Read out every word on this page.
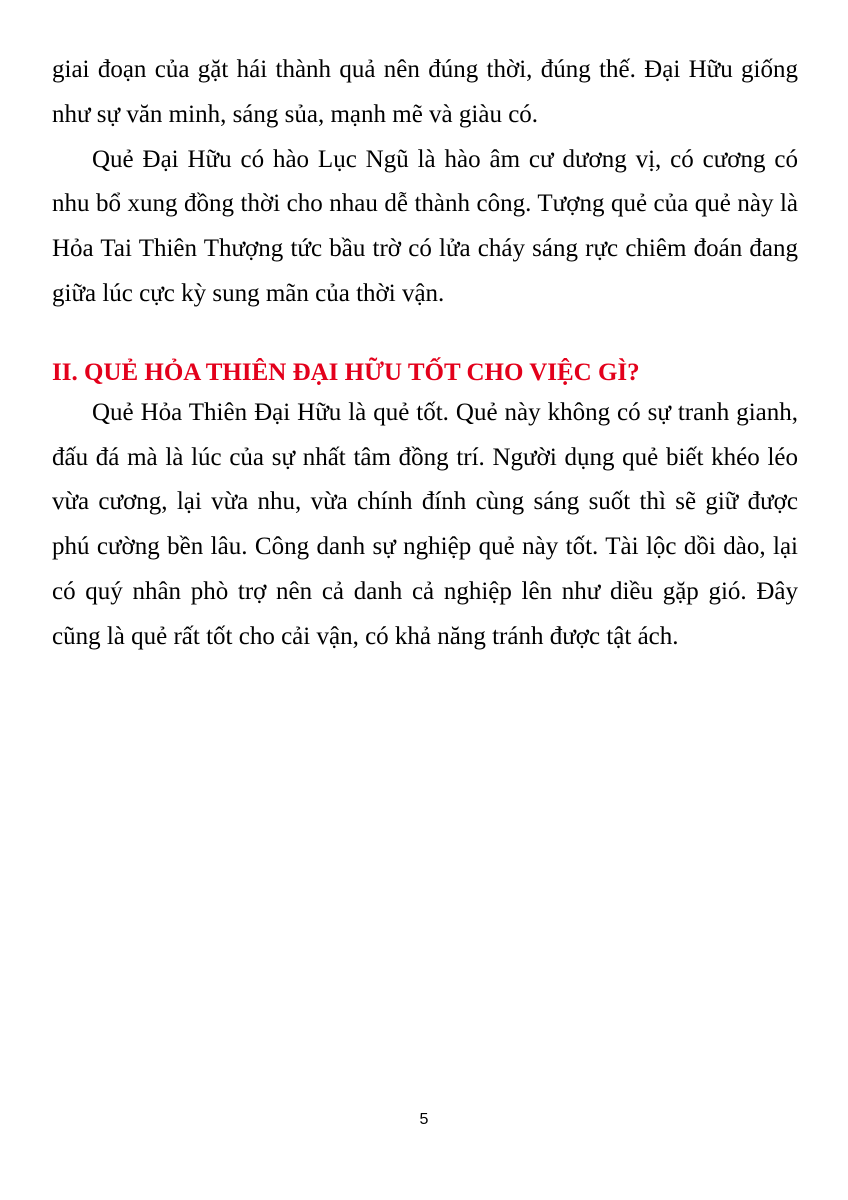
giai đoạn của gặt hái thành quả nên đúng thời, đúng thế. Đại Hữu giống như sự văn minh, sáng sủa, mạnh mẽ và giàu có.

Quẻ Đại Hữu có hào Lục Ngũ là hào âm cư dương vị, có cương có nhu bổ xung đồng thời cho nhau dễ thành công. Tượng quẻ của quẻ này là Hỏa Tai Thiên Thượng tức bầu trờ có lửa cháy sáng rực chiêm đoán đang giữa lúc cực kỳ sung mãn của thời vận.

II. QUẺ HỎA THIÊN ĐẠI HỮU TỐT CHO VIỆC GÌ?

Quẻ Hỏa Thiên Đại Hữu là quẻ tốt. Quẻ này không có sự tranh gianh, đấu đá mà là lúc của sự nhất tâm đồng trí. Người dụng quẻ biết khéo léo vừa cương, lại vừa nhu, vừa chính đính cùng sáng suốt thì sẽ giữ được phú cường bền lâu. Công danh sự nghiệp quẻ này tốt. Tài lộc dồi dào, lại có quý nhân phò trợ nên cả danh cả nghiệp lên như diều gặp gió. Đây cũng là quẻ rất tốt cho cải vận, có khả năng tránh được tật ách.

5
